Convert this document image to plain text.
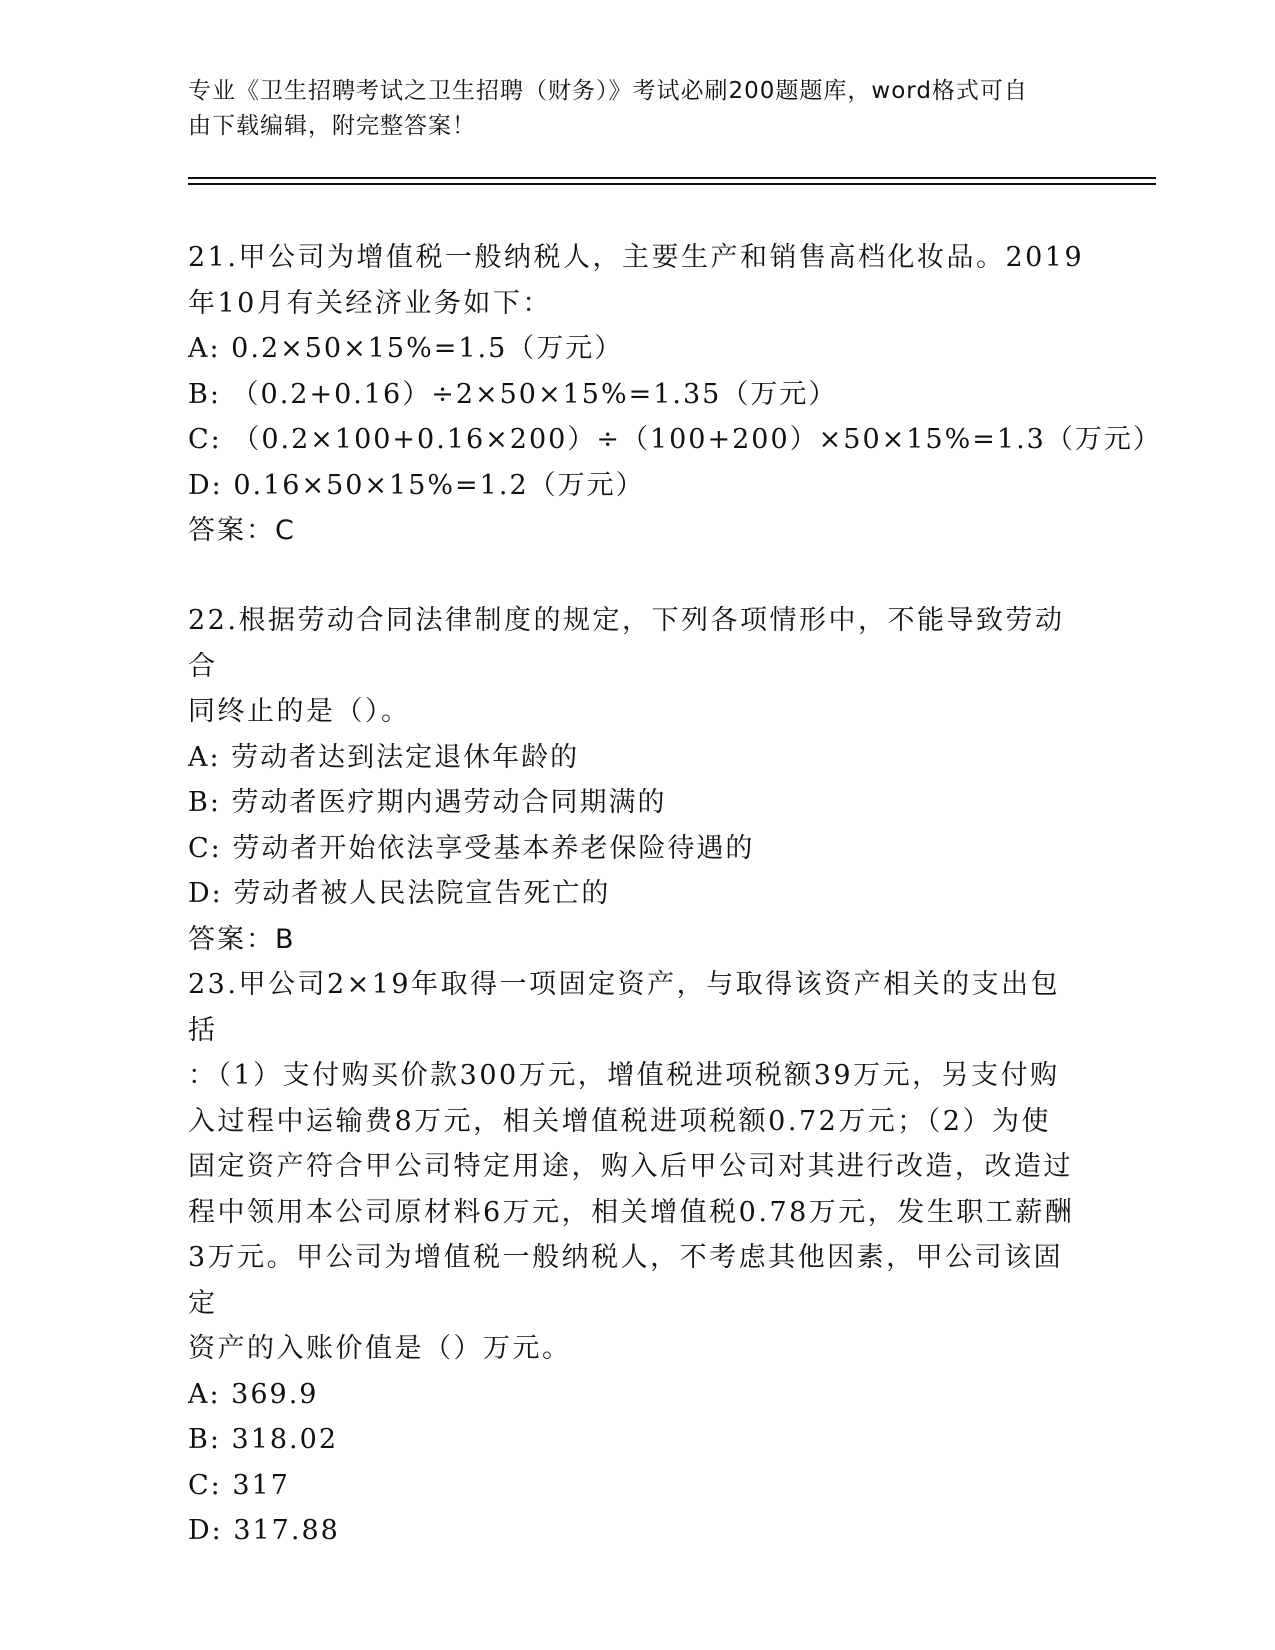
专业《卫生招聘考试之卫生招聘（财务）》考试必刷200题题库，word格式可自
由下载编辑，附完整答案！

21.甲公司为增值税一般纳税人，主要生产和销售高档化妆品。2019

年10月有关经济业务如下：

A: 0.2×50×15%=1.5（万元）

B: （0.2+0.16）÷2×50×15%=1.35（万元）

C: （0.2×100+0.16×200）÷（100+200）×50×15%=1.3（万元）

D: 0.16×50×15%=1.2（万元）

答案：C

22.根据劳动合同法律制度的规定，下列各项情形中，不能导致劳动合

同终止的是（）。

A: 劳动者达到法定退休年龄的

B: 劳动者医疗期内遇劳动合同期满的

C: 劳动者开始依法享受基本养老保险待遇的

D: 劳动者被人民法院宣告死亡的

答案：B

23.甲公司2×19年取得一项固定资产，与取得该资产相关的支出包括

：（1）支付购买价款300万元，增值税进项税额39万元，另支付购

入过程中运输费8万元，相关增值税进项税额0.72万元；（2）为使

固定资产符合甲公司特定用途，购入后甲公司对其进行改造，改造过

程中领用本公司原材料6万元，相关增值税0.78万元，发生职工薪酬

3万元。甲公司为增值税一般纳税人，不考虑其他因素，甲公司该固定

资产的入账价值是（）万元。

A: 369.9

B: 318.02

C: 317

D: 317.88
